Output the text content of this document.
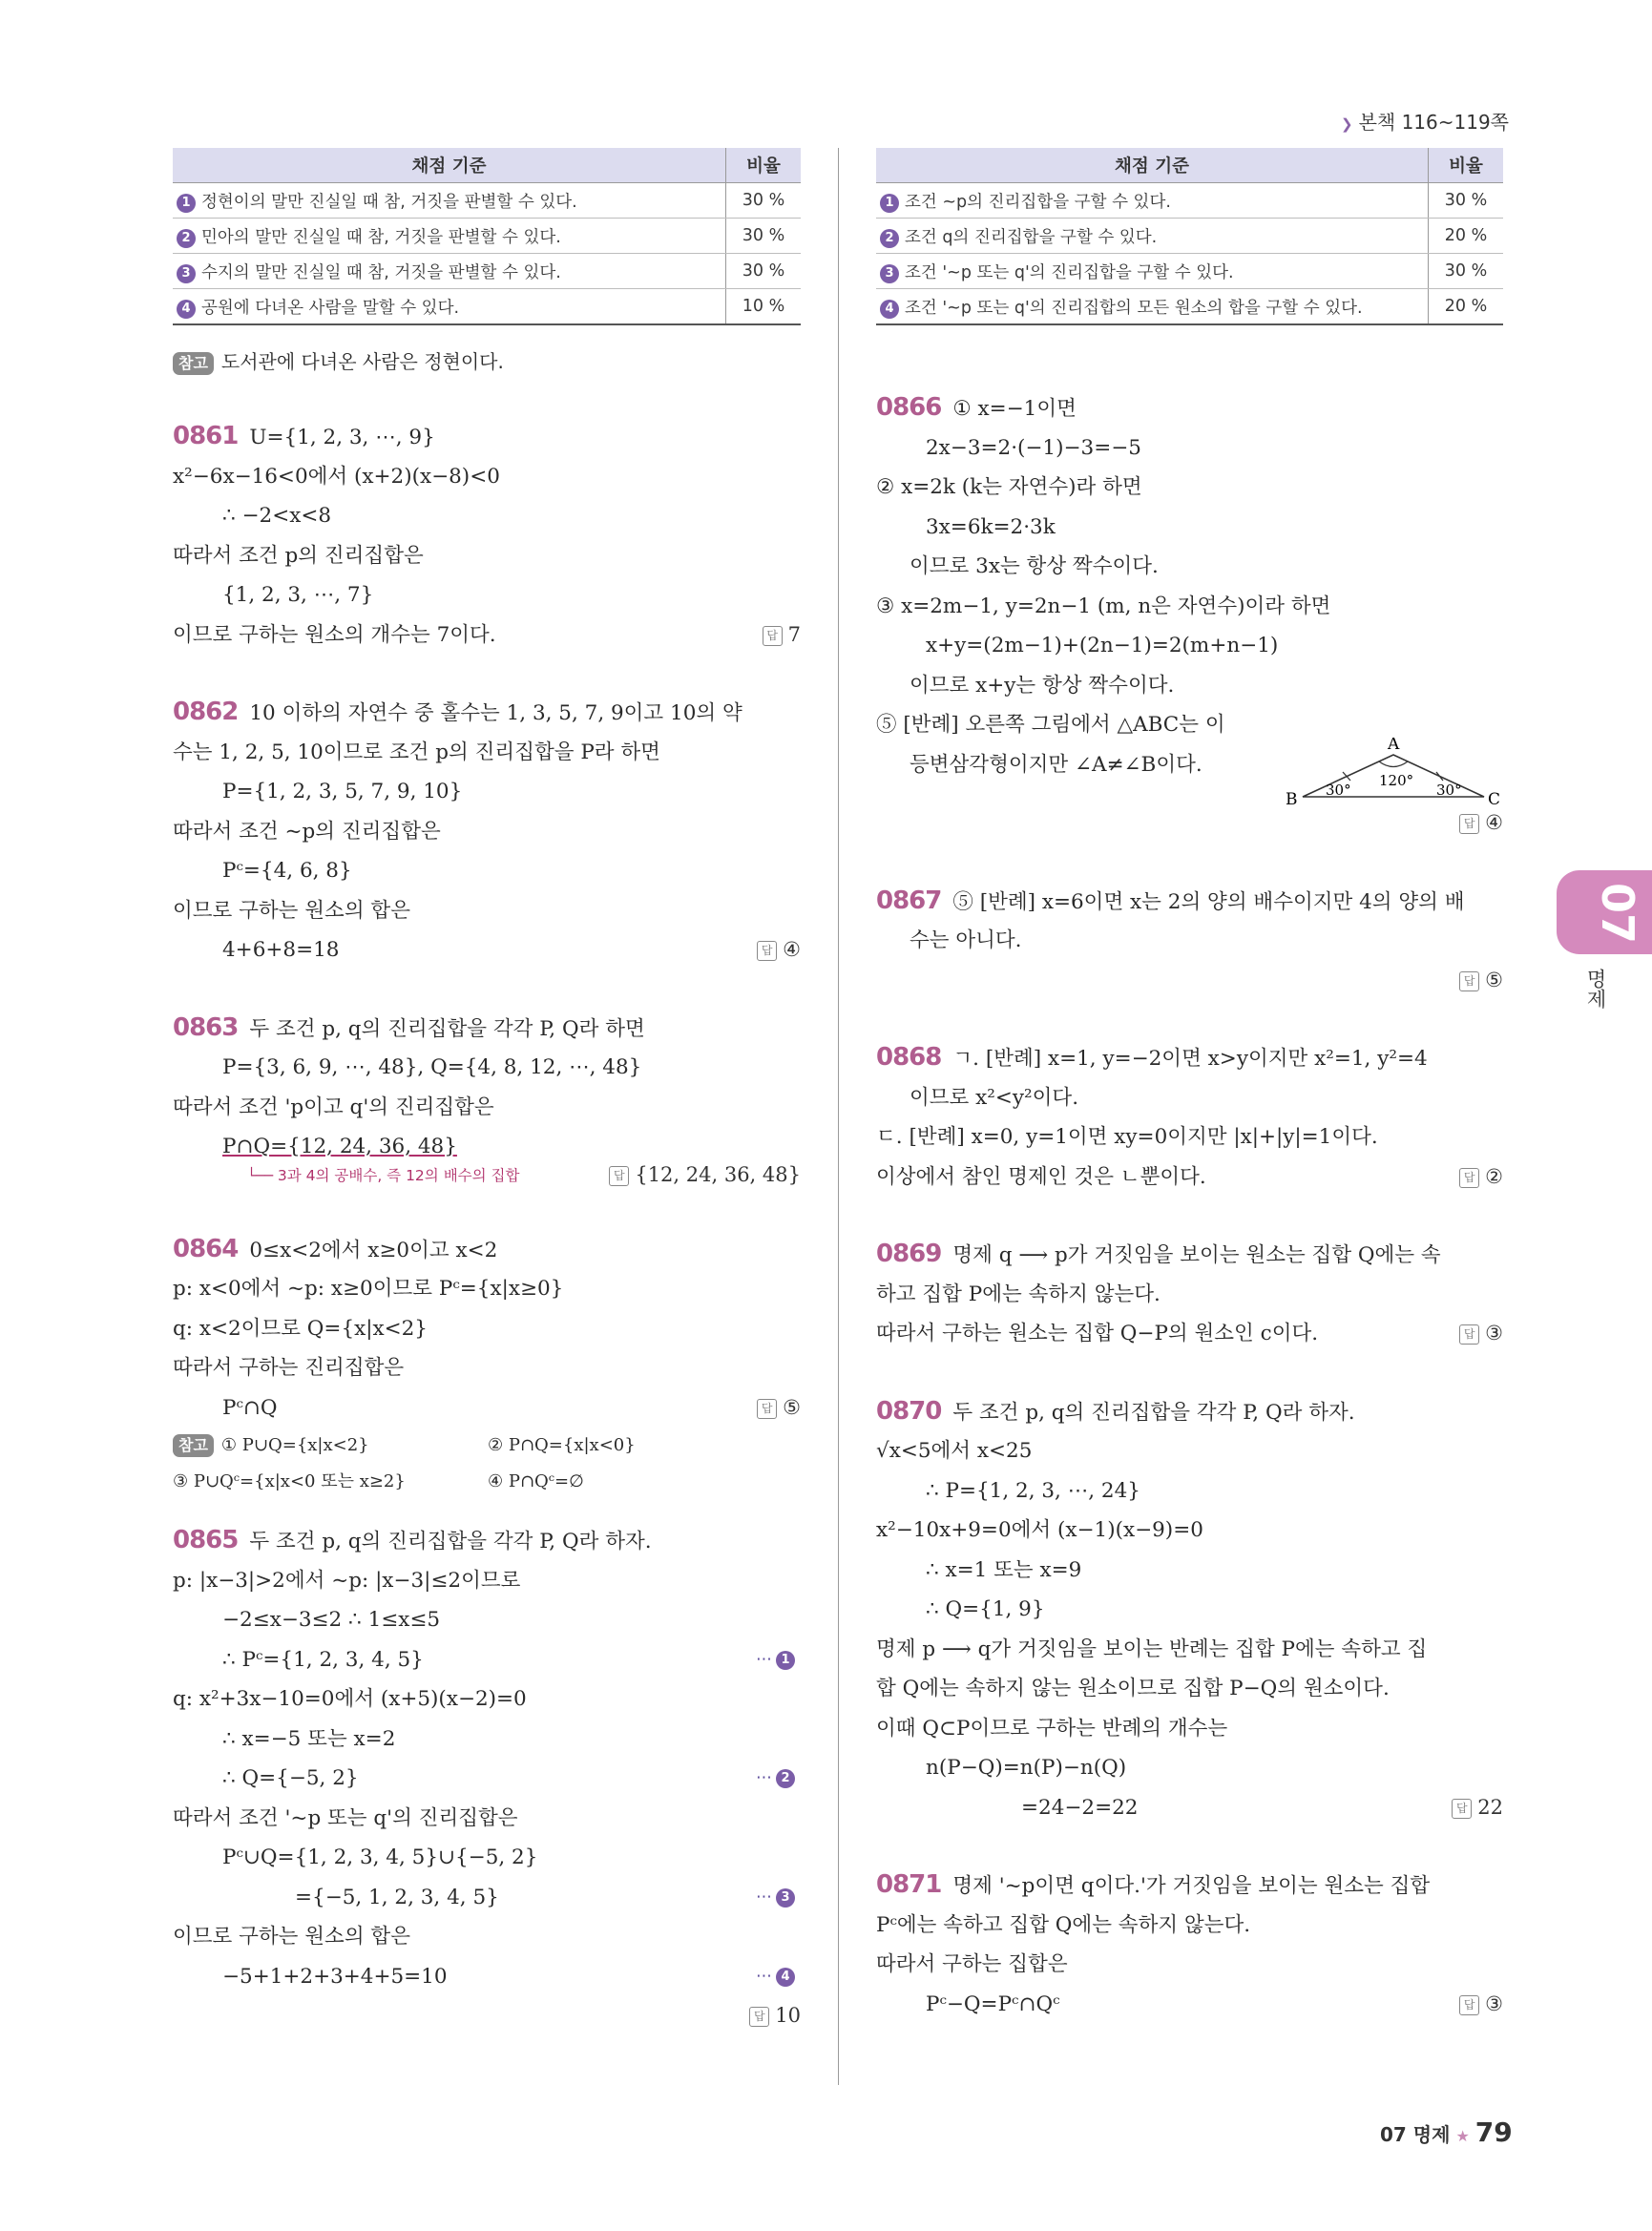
❯ 본책 116~119쪽
채점 기준	비율
1 정현이의 말만 진실일 때 참, 거짓을 판별할 수 있다.	30 %
2 민아의 말만 진실일 때 참, 거짓을 판별할 수 있다.	30 %
3 수지의 말만 진실일 때 참, 거짓을 판별할 수 있다.	30 %
4 공원에 다녀온 사람을 말할 수 있다.	10 %
참고 도서관에 다녀온 사람은 정현이다.
0861 U={1, 2, 3, ⋯, 9}
x²−6x−16<0에서 (x+2)(x−8)<0
∴ −2<x<8
따라서 조건 p의 진리집합은
{1, 2, 3, ⋯, 7}
이므로 구하는 원소의 개수는 7이다.	답 7
0862 10 이하의 자연수 중 홀수는 1, 3, 5, 7, 9이고 10의 약
수는 1, 2, 5, 10이므로 조건 p의 진리집합을 P라 하면
P={1, 2, 3, 5, 7, 9, 10}
따라서 조건 ~p의 진리집합은
Pᶜ={4, 6, 8}
이므로 구하는 원소의 합은
4+6+8=18	답 ④
0863 두 조건 p, q의 진리집합을 각각 P, Q라 하면
P={3, 6, 9, ⋯, 48}, Q={4, 8, 12, ⋯, 48}
따라서 조건 'p이고 q'의 진리집합은
P∩Q={12, 24, 36, 48}
└── 3과 4의 공배수, 즉 12의 배수의 집합	답 {12, 24, 36, 48}
0864 0≤x<2에서 x≥0이고 x<2
p: x<0에서 ~p: x≥0이므로 Pᶜ={x|x≥0}
q: x<2이므로 Q={x|x<2}
따라서 구하는 진리집합은
Pᶜ∩Q	답 ⑤
참고 ① P∪Q={x|x<2}	② P∩Q={x|x<0}
③ P∪Qᶜ={x|x<0 또는 x≥2}	④ P∩Qᶜ=∅
0865 두 조건 p, q의 진리집합을 각각 P, Q라 하자.
p: |x−3|>2에서 ~p: |x−3|≤2이므로
−2≤x−3≤2 ∴ 1≤x≤5
∴ Pᶜ={1, 2, 3, 4, 5}	⋯ 1
q: x²+3x−10=0에서 (x+5)(x−2)=0
∴ x=−5 또는 x=2
∴ Q={−5, 2}	⋯ 2
따라서 조건 '~p 또는 q'의 진리집합은
Pᶜ∪Q={1, 2, 3, 4, 5}∪{−5, 2}
={−5, 1, 2, 3, 4, 5}	⋯ 3
이므로 구하는 원소의 합은
−5+1+2+3+4+5=10	⋯ 4
답 10
채점 기준	비율
1 조건 ~p의 진리집합을 구할 수 있다.	30 %
2 조건 q의 진리집합을 구할 수 있다.	20 %
3 조건 '~p 또는 q'의 진리집합을 구할 수 있다.	30 %
4 조건 '~p 또는 q'의 진리집합의 모든 원소의 합을 구할 수 있다.	20 %
0866 ① x=−1이면
2x−3=2·(−1)−3=−5
② x=2k (k는 자연수)라 하면
3x=6k=2·3k
이므로 3x는 항상 짝수이다.
③ x=2m−1, y=2n−1 (m, n은 자연수)이라 하면
x+y=(2m−1)+(2n−1)=2(m+n−1)
이므로 x+y는 항상 짝수이다.
⑤ [반례] 오른쪽 그림에서 △ABC는 이
등변삼각형이지만 ∠A≠∠B이다.
A
B	C
120°
30°	30°
답 ④
0867 ⑤ [반례] x=6이면 x는 2의 양의 배수이지만 4의 양의 배
수는 아니다.
답 ⑤
0868 ㄱ. [반례] x=1, y=−2이면 x>y이지만 x²=1, y²=4
이므로 x²<y²이다.
ㄷ. [반례] x=0, y=1이면 xy=0이지만 |x|+|y|=1이다.
이상에서 참인 명제인 것은 ㄴ뿐이다.	답 ②
0869 명제 q ⟶ p가 거짓임을 보이는 원소는 집합 Q에는 속
하고 집합 P에는 속하지 않는다.
따라서 구하는 원소는 집합 Q−P의 원소인 c이다.	답 ③
0870 두 조건 p, q의 진리집합을 각각 P, Q라 하자.
√x<5에서 x<25
∴ P={1, 2, 3, ⋯, 24}
x²−10x+9=0에서 (x−1)(x−9)=0
∴ x=1 또는 x=9
∴ Q={1, 9}
명제 p ⟶ q가 거짓임을 보이는 반례는 집합 P에는 속하고 집
합 Q에는 속하지 않는 원소이므로 집합 P−Q의 원소이다.
이때 Q⊂P이므로 구하는 반례의 개수는
n(P−Q)=n(P)−n(Q)
=24−2=22	답 22
0871 명제 '~p이면 q이다.'가 거짓임을 보이는 원소는 집합
Pᶜ에는 속하고 집합 Q에는 속하지 않는다.
따라서 구하는 집합은
Pᶜ−Q=Pᶜ∩Qᶜ	답 ③
07
명제
07 명제 ★ 79
